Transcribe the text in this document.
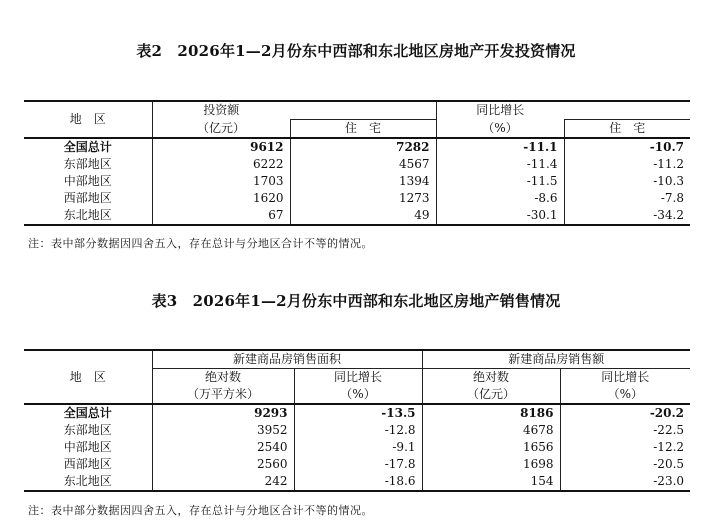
表2　2026年1—2月份东中西部和东北地区房地产开发投资情况
地　区	投资额		同比增长	
	（亿元）	住　宅	（%）	住　宅
全国总计	9612	7282	-11.1	-10.7
东部地区	6222	4567	-11.4	-11.2
中部地区	1703	1394	-11.5	-10.3
西部地区	1620	1273	-8.6	-7.8
东北地区	67	49	-30.1	-34.2
注：表中部分数据因四舍五入，存在总计与分地区合计不等的情况。
表3　2026年1—2月份东中西部和东北地区房地产销售情况
地　区	新建商品房销售面积		新建商品房销售额	
	绝对数	同比增长	绝对数	同比增长
	（万平方米）	（%）	（亿元）	（%）
全国总计	9293	-13.5	8186	-20.2
东部地区	3952	-12.8	4678	-22.5
中部地区	2540	-9.1	1656	-12.2
西部地区	2560	-17.8	1698	-20.5
东北地区	242	-18.6	154	-23.0
注：表中部分数据因四舍五入，存在总计与分地区合计不等的情况。
